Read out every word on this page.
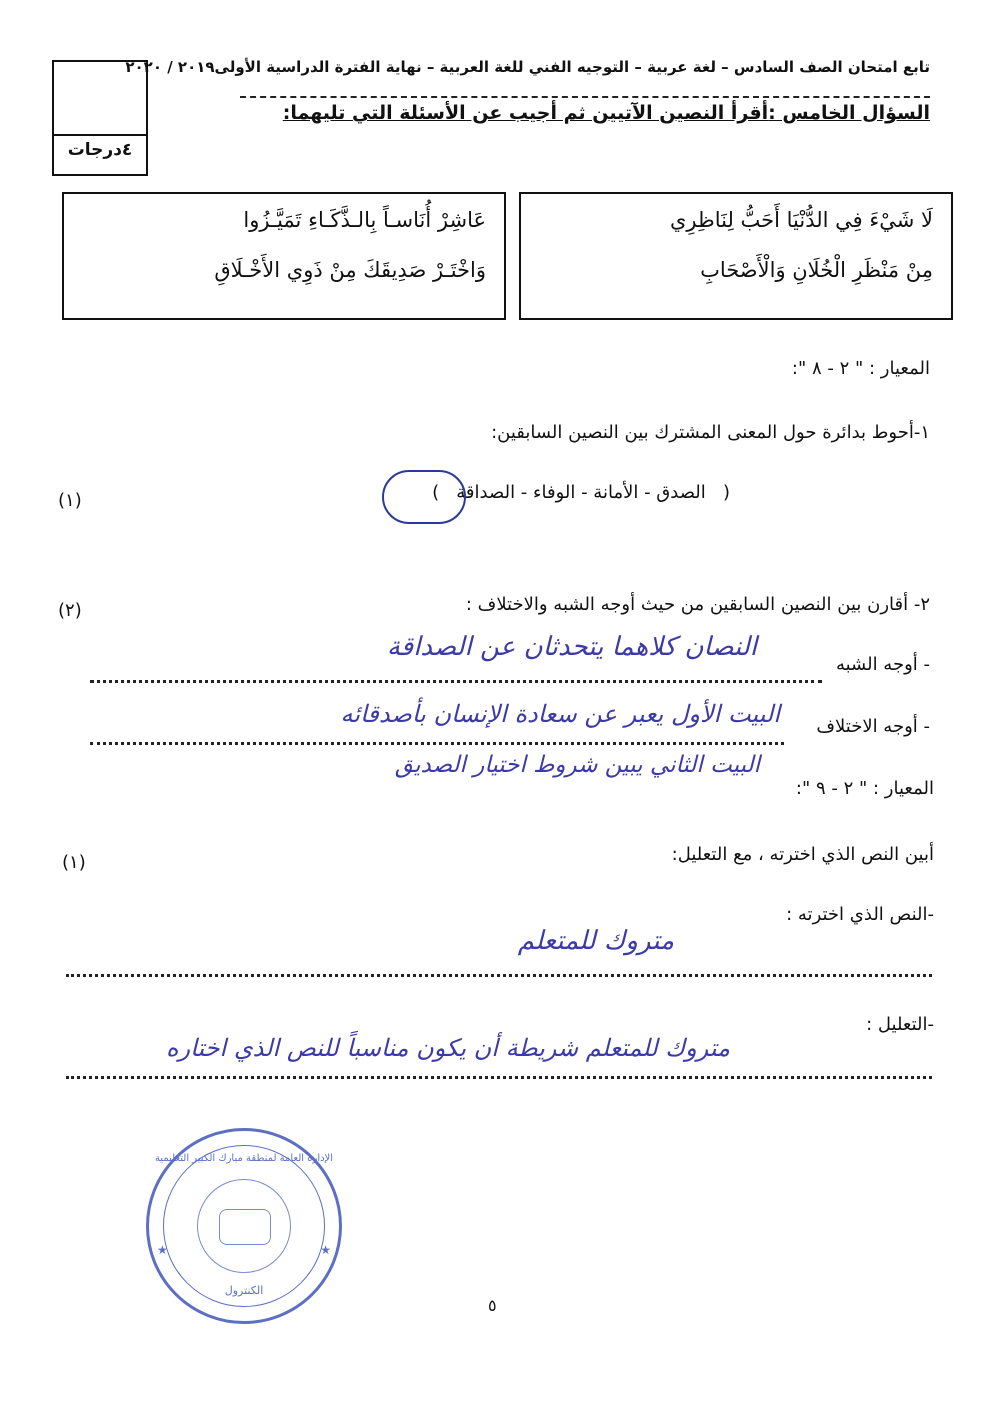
تابع امتحان الصف السادس – لغة عربية – التوجيه الفني للغة العربية – نهاية الفترة الدراسية الأولى٢٠١٩ / ٢٠٢٠
٤درجات
السؤال الخامس :أقرأ النصين الآتيين ثم أجيب عن الأسئلة التي تليهما:
لَا شَيْءَ فِي الدُّنْيَا أَحَبُّ لِنَاظِرِي
مِنْ مَنْظَرِ الْخُلَانِ وَالْأَصْحَابِ
عَاشِرْ أُنَاسـاً بِالـذَّكَـاءِ تَمَيَّـزُوا
وَاخْتَـرْ صَدِيقَكَ مِنْ ذَوِي الأَخْـلَاقِ
المعيار : " ٢ - ٨ ":
١-أحوط بدائرة حول المعنى المشترك بين النصين السابقين:
(   الصدق - الأمانة - الوفاء - الصداقة   )
(١)
٢- أقارن بين النصين السابقين من حيث أوجه الشبه والاختلاف :
(٢)
- أوجه الشبه
النصان كلاهما يتحدثان عن الصداقة
- أوجه الاختلاف
البيت الأول يعبر عن سعادة الإنسان بأصدقائه
البيت الثاني يبين شروط اختيار الصديق
المعيار : " ٢ - ٩ ":
أبين النص الذي اخترته ، مع التعليل:
(١)
-النص الذي اخترته :
متروك للمتعلم
-التعليل :
متروك للمتعلم شريطة أن يكون مناسباً للنص الذي اختاره
الإدارة العامة لمنطقة مبارك الكبير التعليمية
الكنترول
★	★
٥
